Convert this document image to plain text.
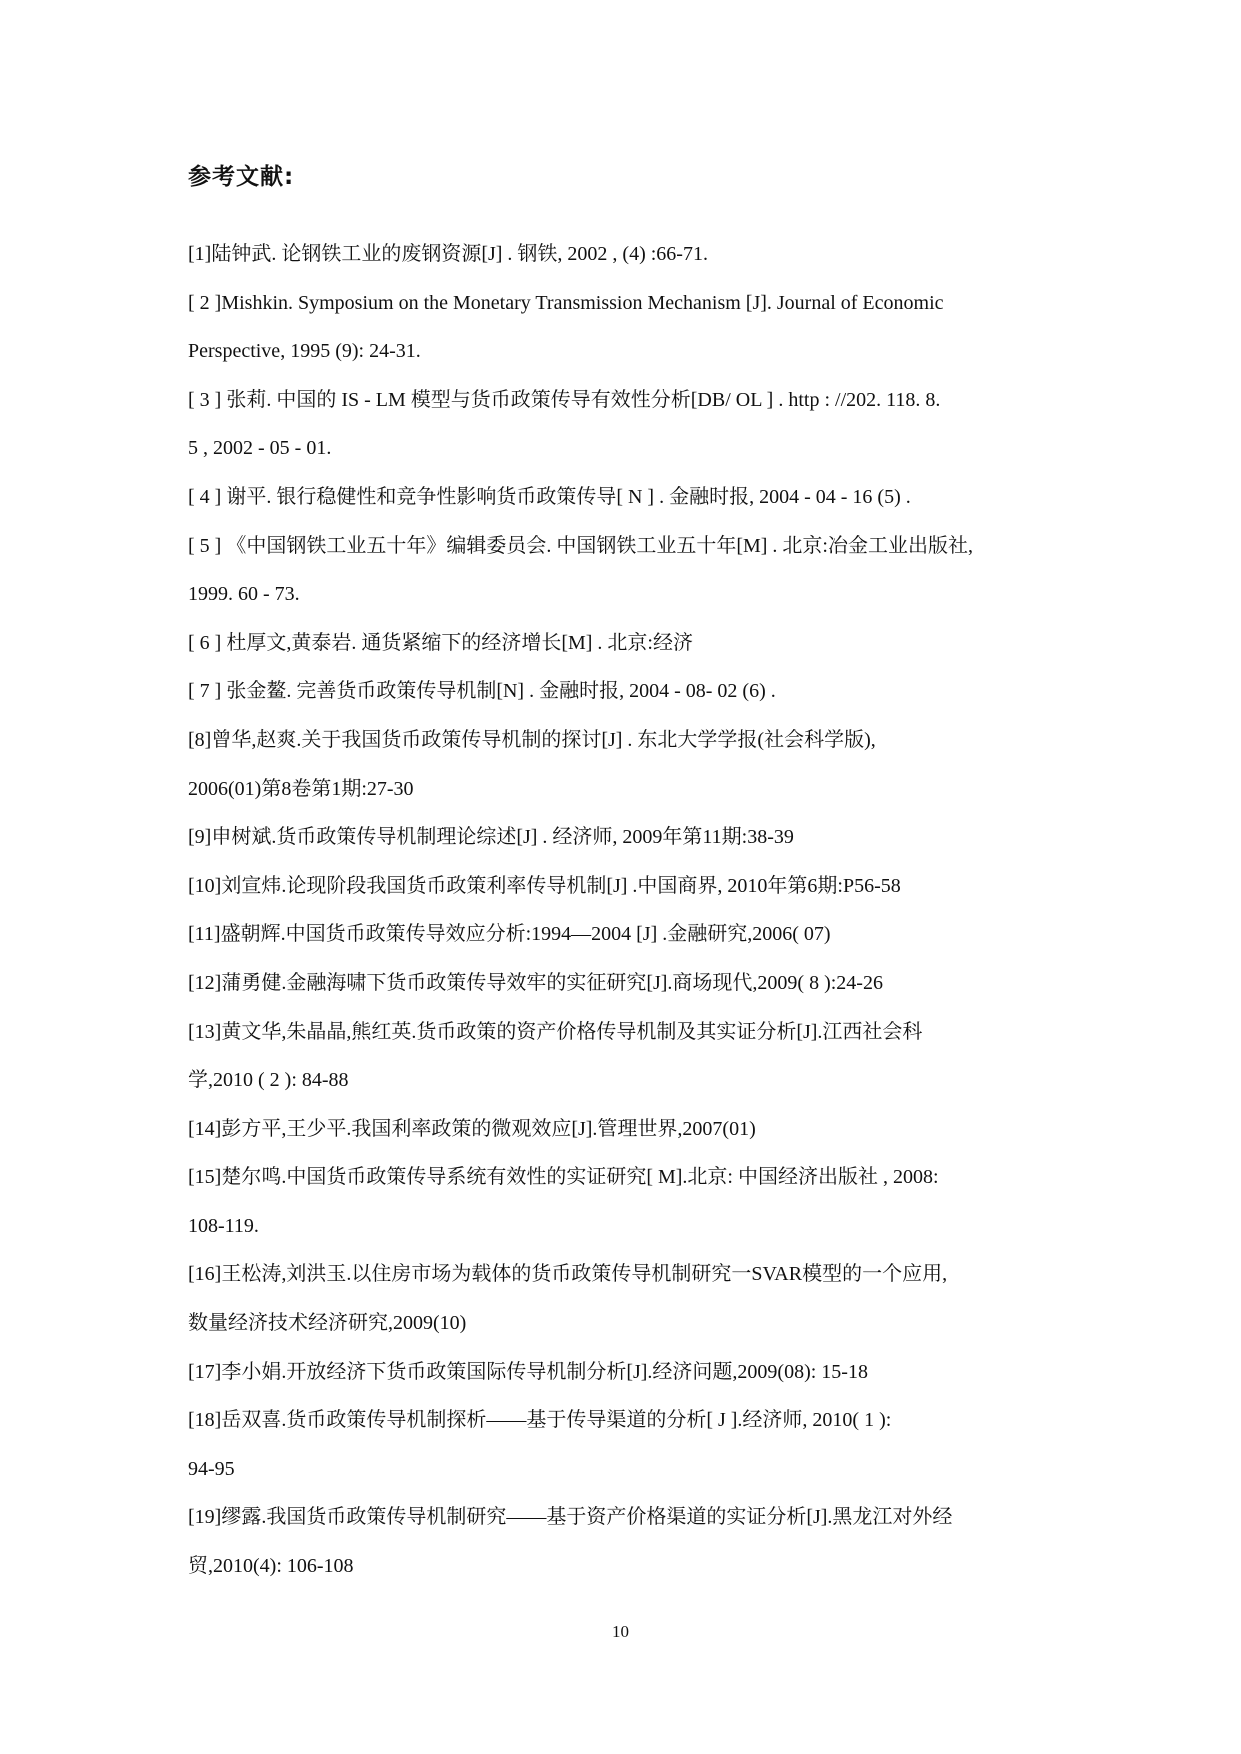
参考文献:
[1]陆钟武. 论钢铁工业的废钢资源[J] . 钢铁, 2002 , (4) :66-71.
[ 2 ]Mishkin. Symposium on the Monetary Transmission Mechanism [J]. Journal of Economic
Perspective, 1995 (9): 24-31.
[ 3 ] 张莉. 中国的 IS - LM 模型与货币政策传导有效性分析[DB/ OL ] . http : //202. 118. 8.
5 , 2002 - 05 - 01.
[ 4 ] 谢平. 银行稳健性和竞争性影响货币政策传导[ N ] . 金融时报, 2004 - 04 - 16 (5) .
[ 5 ] 《中国钢铁工业五十年》编辑委员会. 中国钢铁工业五十年[M] . 北京:冶金工业出版社,
1999. 60 - 73.
[ 6 ] 杜厚文,黄泰岩. 通货紧缩下的经济增长[M] . 北京:经济
[ 7 ] 张金鳌. 完善货币政策传导机制[N] . 金融时报, 2004 - 08- 02 (6) .
[8]曾华,赵爽.关于我国货币政策传导机制的探讨[J] . 东北大学学报(社会科学版),
2006(01)第8卷第1期:27-30
[9]申树斌.货币政策传导机制理论综述[J] . 经济师, 2009年第11期:38-39
[10]刘宣炜.论现阶段我国货币政策利率传导机制[J] .中国商界, 2010年第6期:P56-58
[11]盛朝辉.中国货币政策传导效应分析:1994—2004 [J] .金融研究,2006( 07)
[12]蒲勇健.金融海啸下货币政策传导效牢的实征研究[J].商场现代,2009( 8 ):24-26
[13]黄文华,朱晶晶,熊红英.货币政策的资产价格传导机制及其实证分析[J].江西社会科
学,2010 ( 2 ): 84-88
[14]彭方平,王少平.我国利率政策的微观效应[J].管理世界,2007(01)
[15]楚尔鸣.中国货币政策传导系统有效性的实证研究[ M].北京: 中国经济出版社 , 2008:
108-119.
[16]王松涛,刘洪玉.以住房市场为载体的货币政策传导机制研究一SVAR模型的一个应用,
数量经济技术经济研究,2009(10)
[17]李小娟.开放经济下货币政策国际传导机制分析[J].经济问题,2009(08): 15-18
[18]岳双喜.货币政策传导机制探析——基于传导渠道的分析[ J ].经济师, 2010( 1 ):
94-95
[19]缪露.我国货币政策传导机制研究——基于资产价格渠道的实证分析[J].黑龙江对外经
贸,2010(4): 106-108
10
